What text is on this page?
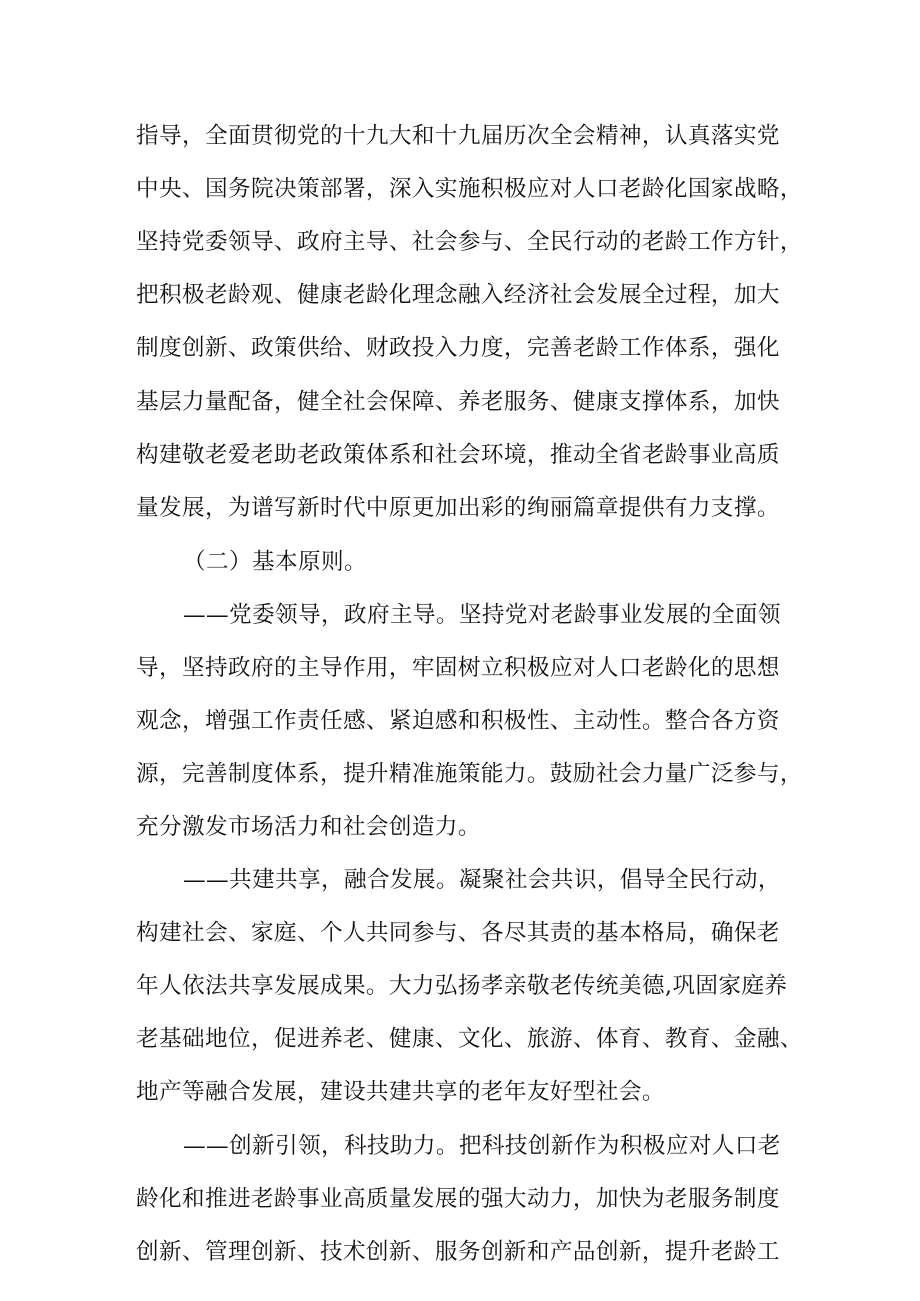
指导，全面贯彻党的十九大和十九届历次全会精神，认真落实党
中央、国务院决策部署，深入实施积极应对人口老龄化国家战略，
坚持党委领导、政府主导、社会参与、全民行动的老龄工作方针，
把积极老龄观、健康老龄化理念融入经济社会发展全过程，加大
制度创新、政策供给、财政投入力度，完善老龄工作体系，强化
基层力量配备，健全社会保障、养老服务、健康支撑体系，加快
构建敬老爱老助老政策体系和社会环境，推动全省老龄事业高质
量发展，为谱写新时代中原更加出彩的绚丽篇章提供有力支撑。
（二）基本原则。
——党委领导，政府主导。坚持党对老龄事业发展的全面领
导，坚持政府的主导作用，牢固树立积极应对人口老龄化的思想
观念，增强工作责任感、紧迫感和积极性、主动性。整合各方资
源，完善制度体系，提升精准施策能力。鼓励社会力量广泛参与，
充分激发市场活力和社会创造力。
——共建共享，融合发展。凝聚社会共识，倡导全民行动，
构建社会、家庭、个人共同参与、各尽其责的基本格局，确保老
年人依法共享发展成果。大力弘扬孝亲敬老传统美德,巩固家庭养
老基础地位，促进养老、健康、文化、旅游、体育、教育、金融、
地产等融合发展，建设共建共享的老年友好型社会。
——创新引领，科技助力。把科技创新作为积极应对人口老
龄化和推进老龄事业高质量发展的强大动力，加快为老服务制度
创新、管理创新、技术创新、服务创新和产品创新，提升老龄工
